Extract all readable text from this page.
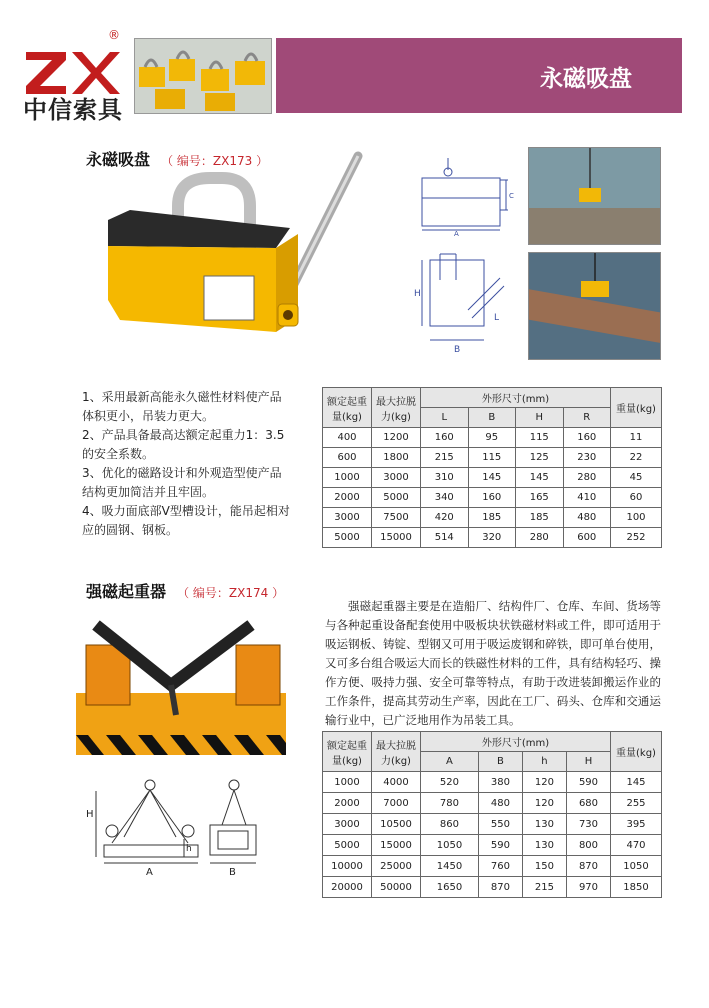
®
中信索具
永磁吸盘
永磁吸盘 （ 编号：ZX173 ）
A
C
H
L
B

1、采用最新高能永久磁性材料使产品体积更小，吊装力更大。

2、产品具备最高达额定起重力1：3.5的安全系数。

3、优化的磁路设计和外观造型使产品结构更加简洁并且牢固。

4、吸力面底部V型槽设计，能吊起相对应的圆钢、钢板。

额定起重量(kg)	最大拉脱力(kg)	外形尺寸(mm)				重量(kg)
		L	B	H	R	
400	1200	160	95	115	160	11
600	1800	215	115	125	230	22
1000	3000	310	145	145	280	45
2000	5000	340	160	165	410	60
3000	7500	420	185	185	480	100
5000	15000	514	320	280	600	252
强磁起重器 （ 编号：ZX174 ）
H
h
A	B
强磁起重器主要是在造船厂、结构件厂、仓库、车间、货场等与各种起重设备配套使用中吸板块状铁磁材料或工件，即可适用于吸运钢板、铸锭、型钢又可用于吸运废钢和碎铁，即可单台使用，又可多台组合吸运大而长的铁磁性材料的工件，具有结构轻巧、操作方便、吸持力强、安全可靠等特点，有助于改进装卸搬运作业的工作条件，提高其劳动生产率，因此在工厂、码头、仓库和交通运输行业中，已广泛地用作为吊装工具。
额定起重量(kg)	最大拉脱力(kg)	外形尺寸(mm)				重量(kg)
		A	B	h	H	
1000	4000	520	380	120	590	145
2000	7000	780	480	120	680	255
3000	10500	860	550	130	730	395
5000	15000	1050	590	130	800	470
10000	25000	1450	760	150	870	1050
20000	50000	1650	870	215	970	1850
